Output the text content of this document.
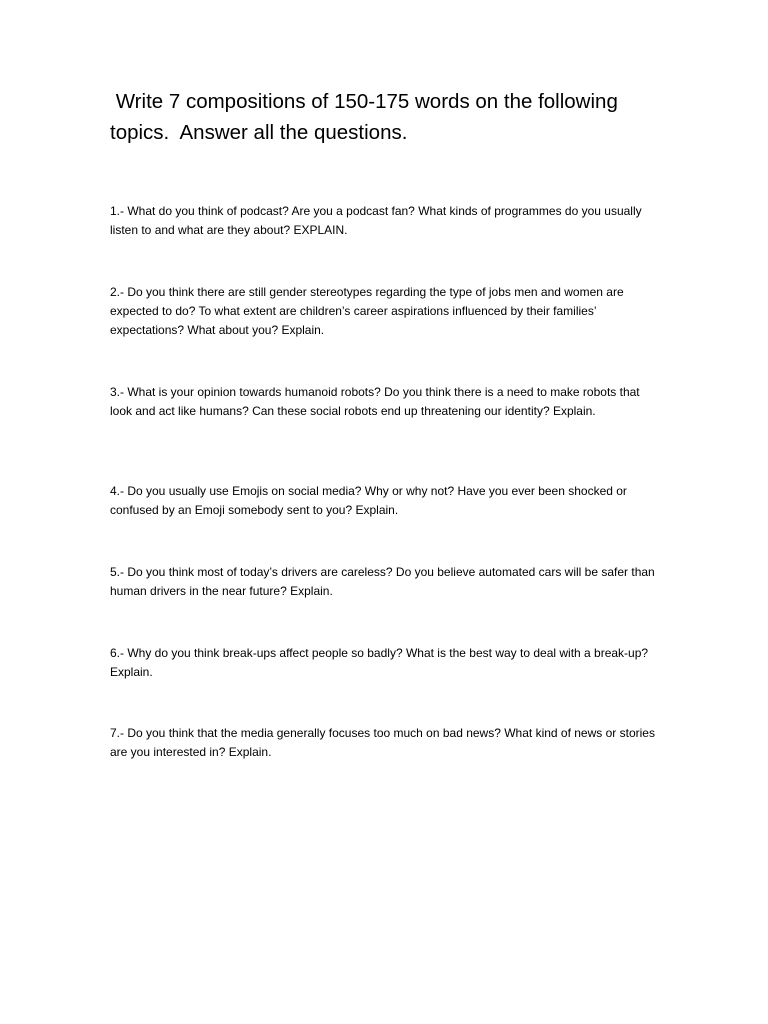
Write 7 compositions of 150-175 words on the following topics.  Answer all the questions.

1.- What do you think of podcast? Are you a podcast fan? What kinds of programmes do you usually listen to and what are they about? EXPLAIN.

2.- Do you think there are still gender stereotypes regarding the type of jobs men and women are expected to do? To what extent are children’s career aspirations influenced by their families’ expectations? What about you? Explain.

3.- What is your opinion towards humanoid robots? Do you think there is a need to make robots that look and act like humans? Can these social robots end up threatening our identity? Explain.

4.- Do you usually use Emojis on social media? Why or why not? Have you ever been shocked or confused by an Emoji somebody sent to you? Explain.

5.- Do you think most of today’s drivers are careless? Do you believe automated cars will be safer than human drivers in the near future? Explain.

6.- Why do you think break-ups affect people so badly? What is the best way to deal with a break-up? Explain.

7.- Do you think that the media generally focuses too much on bad news? What kind of news or stories are you interested in? Explain.
